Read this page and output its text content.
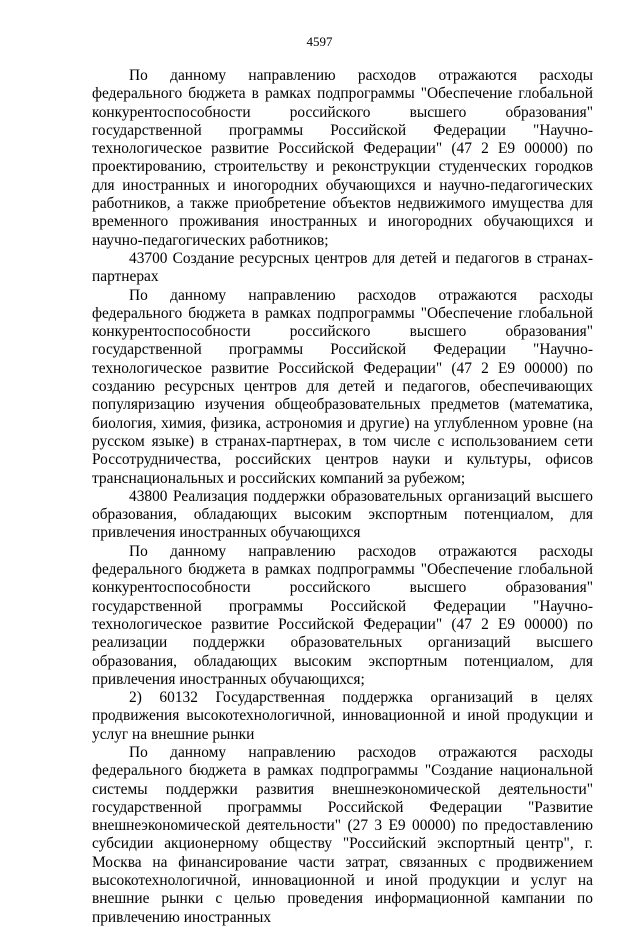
4597

По данному направлению расходов отражаются расходы федерального бюджета в рамках подпрограммы "Обеспечение глобальной конкурентоспособности российского высшего образования" государственной программы Российской Федерации "Научно-технологическое развитие Российской Федерации" (47 2 E9 00000) по проектированию, строительству и реконструкции студенческих городков для иностранных и иногородних обучающихся и научно-педагогических работников, а также приобретение объектов недвижимого имущества для временного проживания иностранных и иногородних обучающихся и научно-педагогических работников;

43700 Создание ресурсных центров для детей и педагогов в странах-партнерах

По данному направлению расходов отражаются расходы федерального бюджета в рамках подпрограммы "Обеспечение глобальной конкурентоспособности российского высшего образования" государственной программы Российской Федерации "Научно-технологическое развитие Российской Федерации" (47 2 E9 00000) по созданию ресурсных центров для детей и педагогов, обеспечивающих популяризацию изучения общеобразовательных предметов (математика, биология, химия, физика, астрономия и другие) на углубленном уровне (на русском языке) в странах-партнерах, в том числе с использованием сети Россотрудничества, российских центров науки и культуры, офисов транснациональных и российских компаний за рубежом;

43800 Реализация поддержки образовательных организаций высшего образования, обладающих высоким экспортным потенциалом, для привлечения иностранных обучающихся

По данному направлению расходов отражаются расходы федерального бюджета в рамках подпрограммы "Обеспечение глобальной конкурентоспособности российского высшего образования" государственной программы Российской Федерации "Научно-технологическое развитие Российской Федерации" (47 2 E9 00000) по реализации поддержки образовательных организаций высшего образования, обладающих высоким экспортным потенциалом, для привлечения иностранных обучающихся;

2) 60132 Государственная поддержка организаций в целях продвижения высокотехнологичной, инновационной и иной продукции и услуг на внешние рынки

По данному направлению расходов отражаются расходы федерального бюджета в рамках подпрограммы "Создание национальной системы поддержки развития внешнеэкономической деятельности" государственной программы Российской Федерации "Развитие внешнеэкономической деятельности" (27 3 E9 00000) по предоставлению субсидии акционерному обществу "Российский экспортный центр", г. Москва на финансирование части затрат, связанных с продвижением высокотехнологичной, инновационной и иной продукции и услуг на внешние рынки с целью проведения информационной кампании по привлечению иностранных
